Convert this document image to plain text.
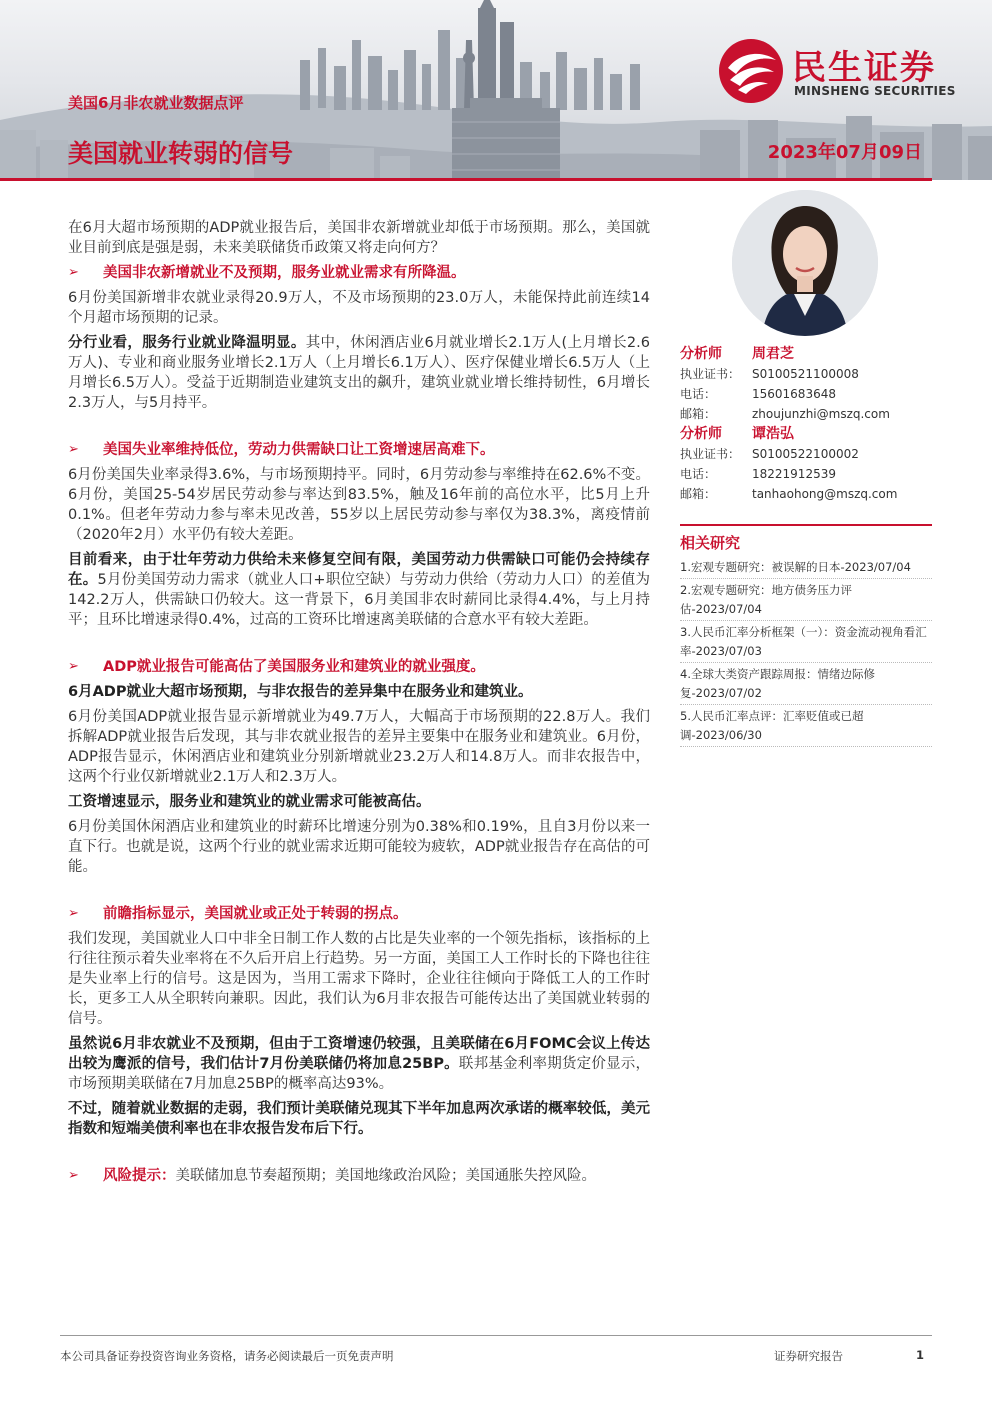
民生证券
MINSHENG SECURITIES
美国6月非农就业数据点评
美国就业转弱的信号	2023年07月09日

在6月大超市场预期的ADP就业报告后，美国非农新增就业却低于市场预期。那么，美国就业目前到底是强是弱，未来美联储货币政策又将走向何方？

➢	美国非农新增就业不及预期，服务业就业需求有所降温。

6月份美国新增非农就业录得20.9万人，不及市场预期的23.0万人，未能保持此前连续14个月超市场预期的记录。

分行业看，服务行业就业降温明显。其中，休闲酒店业6月就业增长2.1万人(上月增长2.6万人)、专业和商业服务业增长2.1万人（上月增长6.1万人）、医疗保健业增长6.5万人（上月增长6.5万人）。受益于近期制造业建筑支出的飙升，建筑业就业增长维持韧性，6月增长2.3万人，与5月持平。

➢	美国失业率维持低位，劳动力供需缺口让工资增速居高难下。

6月份美国失业率录得3.6%，与市场预期持平。同时，6月劳动参与率维持在62.6%不变。6月份，美国25-54岁居民劳动参与率达到83.5%，触及16年前的高位水平，比5月上升0.1%。但老年劳动力参与率未见改善，55岁以上居民劳动参与率仅为38.3%，离疫情前（2020年2月）水平仍有较大差距。

目前看来，由于壮年劳动力供给未来修复空间有限，美国劳动力供需缺口可能仍会持续存在。5月份美国劳动力需求（就业人口+职位空缺）与劳动力供给（劳动力人口）的差值为142.2万人，供需缺口仍较大。这一背景下，6月美国非农时薪同比录得4.4%，与上月持平；且环比增速录得0.4%，过高的工资环比增速离美联储的合意水平有较大差距。

➢	ADP就业报告可能高估了美国服务业和建筑业的就业强度。

6月ADP就业大超市场预期，与非农报告的差异集中在服务业和建筑业。

6月份美国ADP就业报告显示新增就业为49.7万人，大幅高于市场预期的22.8万人。我们拆解ADP就业报告后发现，其与非农就业报告的差异主要集中在服务业和建筑业。6月份，ADP报告显示，休闲酒店业和建筑业分别新增就业23.2万人和14.8万人。而非农报告中，这两个行业仅新增就业2.1万人和2.3万人。

工资增速显示，服务业和建筑业的就业需求可能被高估。

6月份美国休闲酒店业和建筑业的时薪环比增速分别为0.38%和0.19%，且自3月份以来一直下行。也就是说，这两个行业的就业需求近期可能较为疲软，ADP就业报告存在高估的可能。

➢	前瞻指标显示，美国就业或正处于转弱的拐点。

我们发现，美国就业人口中非全日制工作人数的占比是失业率的一个领先指标，该指标的上行往往预示着失业率将在不久后开启上行趋势。另一方面，美国工人工作时长的下降也往往是失业率上行的信号。这是因为，当用工需求下降时，企业往往倾向于降低工人的工作时长，更多工人从全职转向兼职。因此，我们认为6月非农报告可能传达出了美国就业转弱的信号。

虽然说6月非农就业不及预期，但由于工资增速仍较强，且美联储在6月FOMC会议上传达出较为鹰派的信号，我们估计7月份美联储仍将加息25BP。联邦基金利率期货定价显示，市场预期美联储在7月加息25BP的概率高达93%。

不过，随着就业数据的走弱，我们预计美联储兑现其下半年加息两次承诺的概率较低，美元指数和短端美债利率也在非农报告发布后下行。

➢	风险提示：美联储加息节奏超预期；美国地缘政治风险；美国通胀失控风险。
分析师	周君芝
执业证书： S0100521100008
电话：	15601683648
邮箱：	zhoujunzhi@mszq.com
分析师	谭浩弘
执业证书： S0100522100002
电话：	18221912539
邮箱：	tanhaohong@mszq.com
相关研究
1.宏观专题研究：被误解的日本-2023/07/04
2.宏观专题研究：地方债务压力评估-2023/07/04
3.人民币汇率分析框架（一）：资金流动视角看汇率-2023/07/03
4.全球大类资产跟踪周报：情绪边际修复-2023/07/02
5.人民币汇率点评：汇率贬值或已超调-2023/06/30
本公司具备证券投资咨询业务资格，请务必阅读最后一页免责声明	证券研究报告	1
